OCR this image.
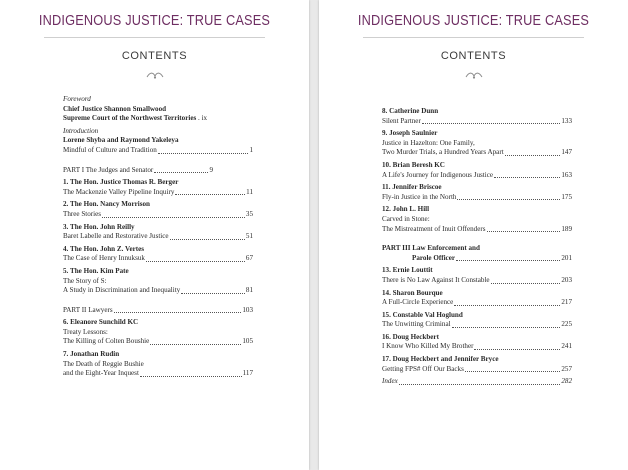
INDIGENOUS JUSTICE: TRUE CASES
CONTENTS
Foreword
Chief Justice Shannon Smallwood
Supreme Court of the Northwest Territories . ix
Introduction
Lorene Shyba and Raymond Yakeleya
Mindful of Culture and Tradition	1
PART I The Judges and Senator	9
1. The Hon. Justice Thomas R. Berger
The Mackenzie Valley Pipeline Inquiry	11
2. The Hon. Nancy Morrison
Three Stories	35
3. The Hon. John Reilly
Baret Labelle and Restorative Justice	51
4. The Hon. John Z. Vertes
The Case of Henry Innuksuk	67
5. The Hon. Kim Pate
The Story of S:
A Study in Discrimination and Inequality	81
PART II Lawyers	103
6. Eleanore Sunchild KC
Treaty Lessons:
The Killing of Colten Boushie	105
7. Jonathan Rudin
The Death of Reggie Bushie
and the Eight-Year Inquest	117
INDIGENOUS JUSTICE: TRUE CASES
CONTENTS
8. Catherine Dunn
Silent Partner	133
9. Joseph Saulnier
Justice in Hazelton: One Family,
Two Murder Trials, a Hundred Years Apart	147
10. Brian Beresh KC
A Life's Journey for Indigenous Justice	163
11. Jennifer Briscoe
Fly-in Justice in the North	175
12. John L. Hill
Carved in Stone:
The Mistreatment of Inuit Offenders	189
PART III Law Enforcement and
Parole Officer	201
13. Ernie Louttit
There is No Law Against It Constable	203
14. Sharon Bourque
A Full-Circle Experience	217
15. Constable Val Hoglund
The Unwitting Criminal	225
16. Doug Heckbert
I Know Who Killed My Brother	241
17. Doug Heckbert and Jennifer Bryce
Getting FPS# Off Our Backs	257
Index	282
